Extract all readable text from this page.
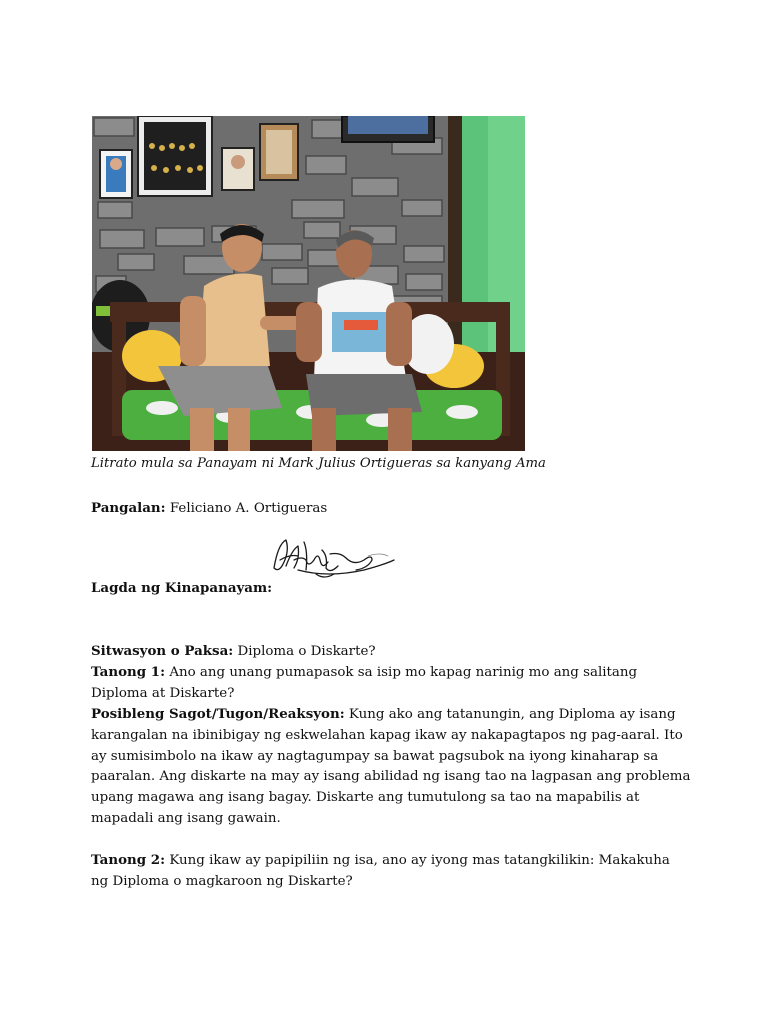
Litrato mula sa Panayam ni Mark Julius Ortigueras sa kanyang Ama
Pangalan: Feliciano A. Ortigueras
Lagda ng Kinapanayam:
Sitwasyon o Paksa: Diploma o Diskarte?
Tanong 1: Ano ang unang pumapasok sa isip mo kapag narinig mo ang salitang Diploma at Diskarte?
Posibleng Sagot/Tugon/Reaksyon: Kung ako ang tatanungin, ang Diploma ay isang karangalan na ibinibigay ng eskwelahan kapag ikaw ay nakapagtapos ng pag-aaral. Ito ay sumisimbolo na ikaw ay nagtagumpay sa bawat pagsubok na iyong kinaharap sa paaralan. Ang diskarte na may ay isang abilidad ng isang tao na lagpasan ang problema upang magawa ang isang bagay. Diskarte ang tumutulong sa tao na mapabilis at mapadali ang isang gawain.
Tanong 2: Kung ikaw ay papipiliin ng isa, ano ay iyong mas tatangkilikin: Makakuha ng Diploma o magkaroon ng Diskarte?
